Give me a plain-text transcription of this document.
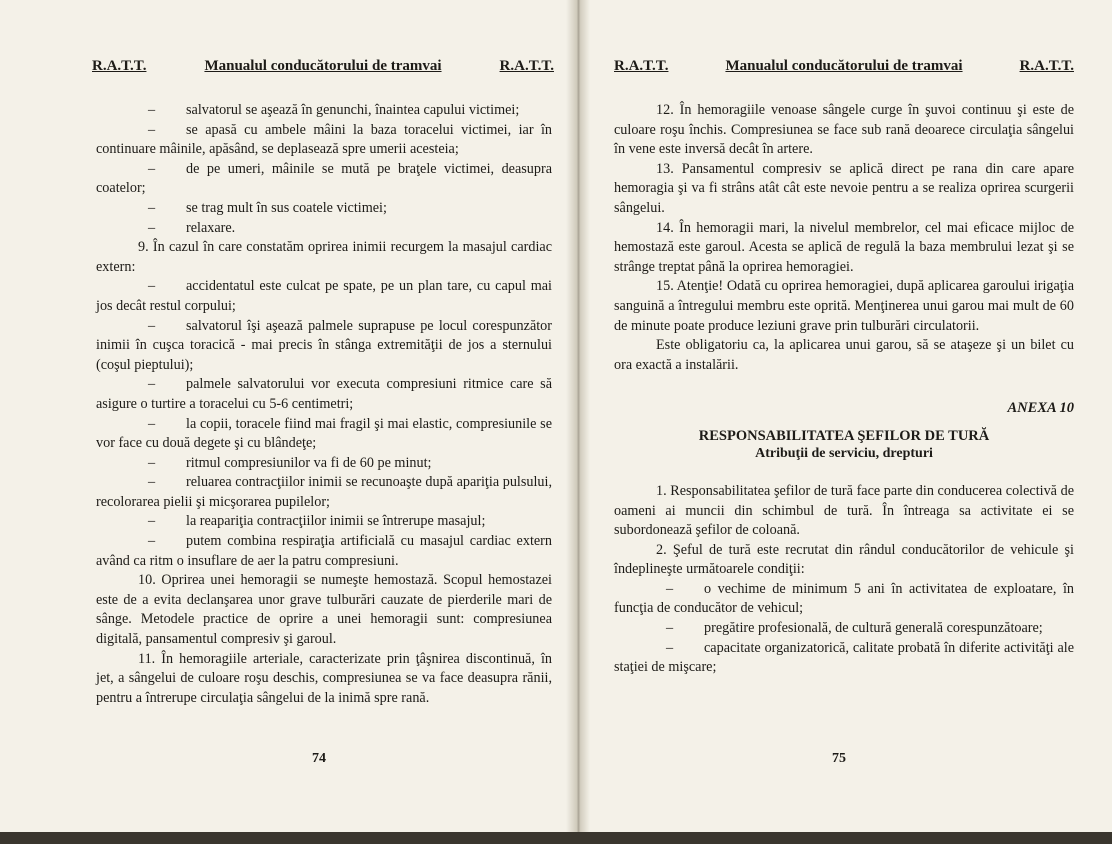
R.A.T.T.	Manualul conducătorului de tramvai	R.A.T.T.

– salvatorul se aşează în genunchi, înaintea capului victimei;

– se apasă cu ambele mâini la baza toracelui victimei, iar în continuare mâinile, apăsând, se deplasează spre umerii acesteia;

– de pe umeri, mâinile se mută pe braţele victimei, deasupra coatelor;

– se trag mult în sus coatele victimei;

– relaxare.

9. În cazul în care constatăm oprirea inimii recurgem la masajul cardiac extern:

– accidentatul este culcat pe spate, pe un plan tare, cu capul mai jos decât restul corpului;

– salvatorul îşi aşează palmele suprapuse pe locul corespunzător inimii în cuşca toracică - mai precis în stânga extremităţii de jos a sternului (coşul pieptului);

– palmele salvatorului vor executa compresiuni ritmice care să asigure o turtire a toracelui cu 5-6 centimetri;

– la copii, toracele fiind mai fragil şi mai elastic, compresiunile se vor face cu două degete şi cu blândeţe;

– ritmul compresiunilor va fi de 60 pe minut;

– reluarea contracţiilor inimii se recunoaşte după apariţia pulsului, recolorarea pielii şi micşorarea pupilelor;

– la reapariţia contracţiilor inimii se întrerupe masajul;

– putem combina respiraţia artificială cu masajul cardiac extern având ca ritm o insuflare de aer la patru compresiuni.

10. Oprirea unei hemoragii se numeşte hemostază. Scopul hemostazei este de a evita declanşarea unor grave tulburări cauzate de pierderile mari de sânge. Metodele practice de oprire a unei hemoragii sunt: compresiunea digitală, pansamentul compresiv şi garoul.

11. În hemoragiile arteriale, caracterizate prin ţâşnirea discontinuă, în jet, a sângelui de culoare roşu deschis, compresiunea se va face deasupra rănii, pentru a întrerupe circulaţia sângelui de la inimă spre rană.

74
R.A.T.T.	Manualul conducătorului de tramvai	R.A.T.T.

12. În hemoragiile venoase sângele curge în şuvoi continuu şi este de culoare roşu închis. Compresiunea se face sub rană deoarece circulaţia sângelui în vene este inversă decât în artere.

13. Pansamentul compresiv se aplică direct pe rana din care apare hemoragia şi va fi strâns atât cât este nevoie pentru a se realiza oprirea scurgerii sângelui.

14. În hemoragii mari, la nivelul membrelor, cel mai eficace mijloc de hemostază este garoul. Acesta se aplică de regulă la baza membrului lezat şi se strânge treptat până la oprirea hemoragiei.

15. Atenţie! Odată cu oprirea hemoragiei, după aplicarea garoului irigaţia sanguină a întregului membru este oprită. Menţinerea unui garou mai mult de 60 de minute poate produce leziuni grave prin tulburări circulatorii.

Este obligatoriu ca, la aplicarea unui garou, să se ataşeze şi un bilet cu ora exactă a instalării.

ANEXA 10
RESPONSABILITATEA ŞEFILOR DE TURĂ
Atribuţii de serviciu, drepturi

1. Responsabilitatea şefilor de tură face parte din conducerea colectivă de oameni ai muncii din schimbul de tură. În întreaga sa activitate ei se subordonează şefilor de coloană.

2. Şeful de tură este recrutat din rândul conducătorilor de vehicule şi îndeplineşte următoarele condiţii:

– o vechime de minimum 5 ani în activitatea de exploatare, în funcţia de conducător de vehicul;

– pregătire profesională, de cultură generală corespunzătoare;

– capacitate organizatorică, calitate probată în diferite activităţi ale staţiei de mişcare;

75
